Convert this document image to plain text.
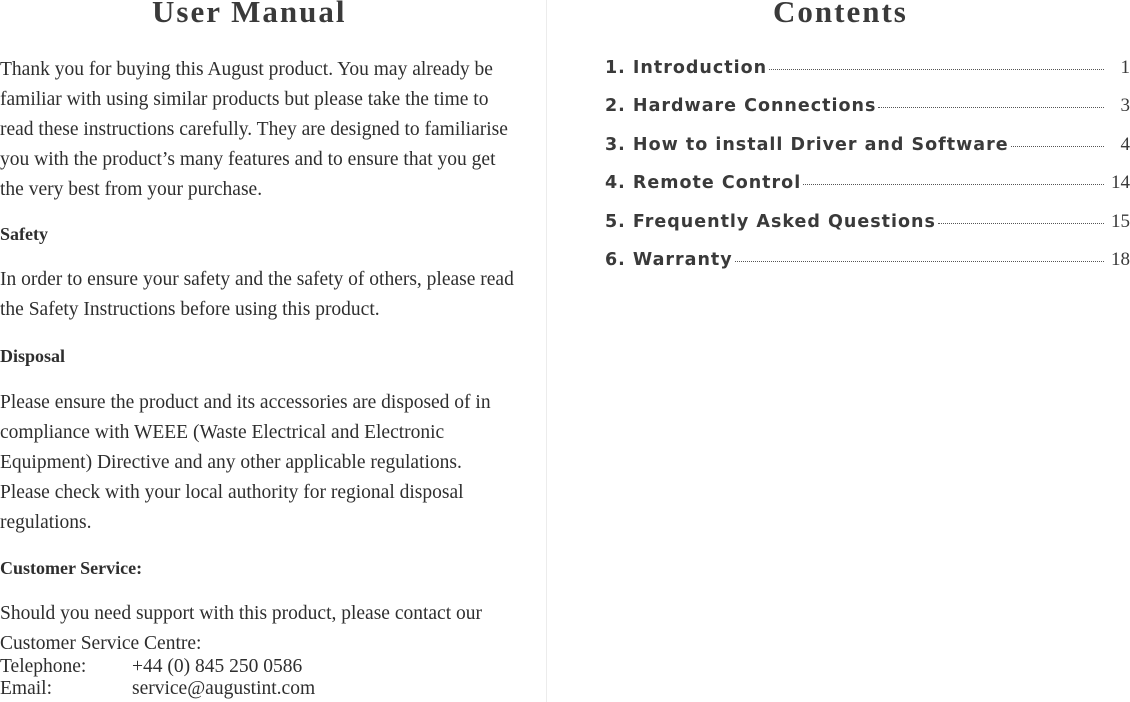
User Manual

Thank you for buying this August product. You may already be familiar with using similar products but please take the time to read these instructions carefully. They are designed to familiarise you with the product’s many features and to ensure that you get the very best from your purchase.

Safety

In order to ensure your safety and the safety of others, please read the Safety Instructions before using this product.

Disposal

Please ensure the product and its accessories are disposed of in compliance with WEEE (Waste Electrical and Electronic Equipment) Directive and any other applicable regulations. Please check with your local authority for regional disposal regulations.

Customer Service:

Should you need support with this product, please contact our Customer Service Centre:

Telephone:	+44 (0) 845 250 0586
Email:	service@augustint.com
Contents
1. Introduction	1
2. Hardware Connections	3
3. How to install Driver and Software	4
4. Remote Control	14
5. Frequently Asked Questions	15
6. Warranty	18
